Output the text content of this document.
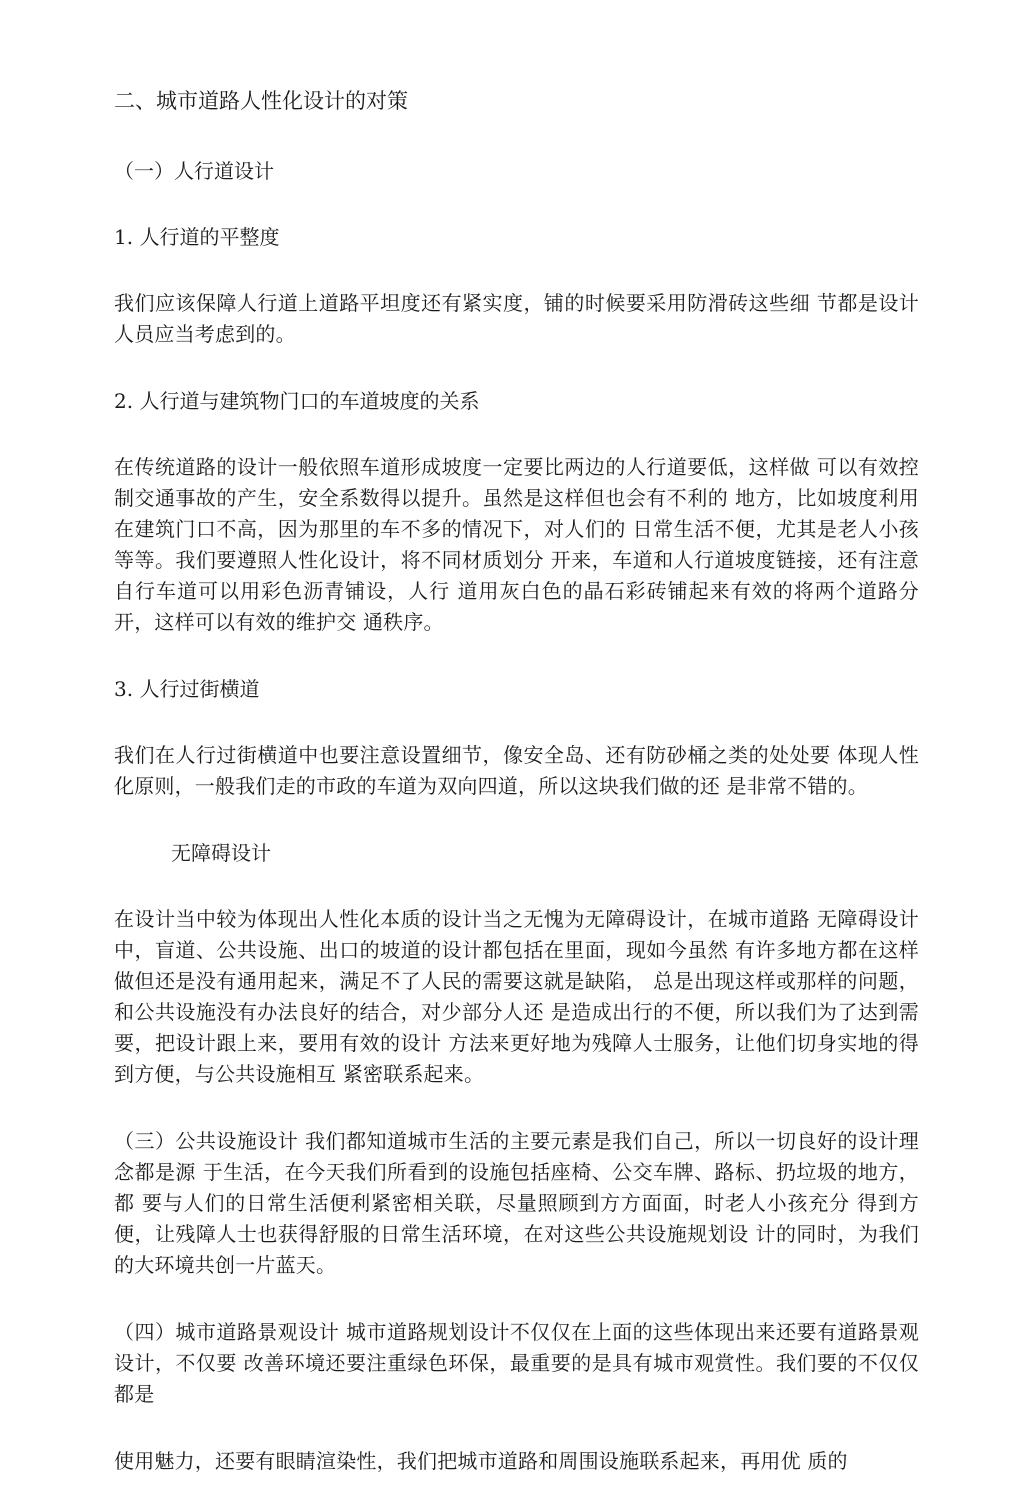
二、城市道路人性化设计的对策

（一）人行道设计

1. 人行道的平整度

我们应该保障人行道上道路平坦度还有紧实度，铺的时候要采用防滑砖这些细 节都是设计人员应当考虑到的。

2. 人行道与建筑物门口的车道坡度的关系

在传统道路的设计一般依照车道形成坡度一定要比两边的人行道要低，这样做 可以有效控制交通事故的产生，安全系数得以提升。虽然是这样但也会有不利的 地方，比如坡度利用在建筑门口不高，因为那里的车不多的情况下，对人们的 日常生活不便，尤其是老人小孩等等。我们要遵照人性化设计，将不同材质划分 开来，车道和人行道坡度链接，还有注意自行车道可以用彩色沥青铺设，人行 道用灰白色的晶石彩砖铺起来有效的将两个道路分开，这样可以有效的维护交 通秩序。

3. 人行过街横道

我们在人行过街横道中也要注意设置细节，像安全岛、还有防砂桶之类的处处要 体现人性化原则，一般我们走的市政的车道为双向四道，所以这块我们做的还 是非常不错的。

无障碍设计

在设计当中较为体现出人性化本质的设计当之无愧为无障碍设计，在城市道路 无障碍设计中，盲道、公共设施、出口的坡道的设计都包括在里面，现如今虽然 有许多地方都在这样做但还是没有通用起来，满足不了人民的需要这就是缺陷， 总是出现这样或那样的问题，和公共设施没有办法良好的结合，对少部分人还 是造成出行的不便，所以我们为了达到需要，把设计跟上来，要用有效的设计 方法来更好地为残障人士服务，让他们切身实地的得到方便，与公共设施相互 紧密联系起来。

（三）公共设施设计 我们都知道城市生活的主要元素是我们自己，所以一切良好的设计理念都是源 于生活，在今天我们所看到的设施包括座椅、公交车牌、路标、扔垃圾的地方，都 要与人们的日常生活便利紧密相关联，尽量照顾到方方面面，时老人小孩充分 得到方便，让残障人士也获得舒服的日常生活环境，在对这些公共设施规划设 计的同时，为我们的大环境共创一片蓝天。

（四）城市道路景观设计 城市道路规划设计不仅仅在上面的这些体现出来还要有道路景观设计，不仅要 改善环境还要注重绿色环保，最重要的是具有城市观赏性。我们要的不仅仅都是

使用魅力，还要有眼睛渲染性，我们把城市道路和周围设施联系起来，再用优 质的
